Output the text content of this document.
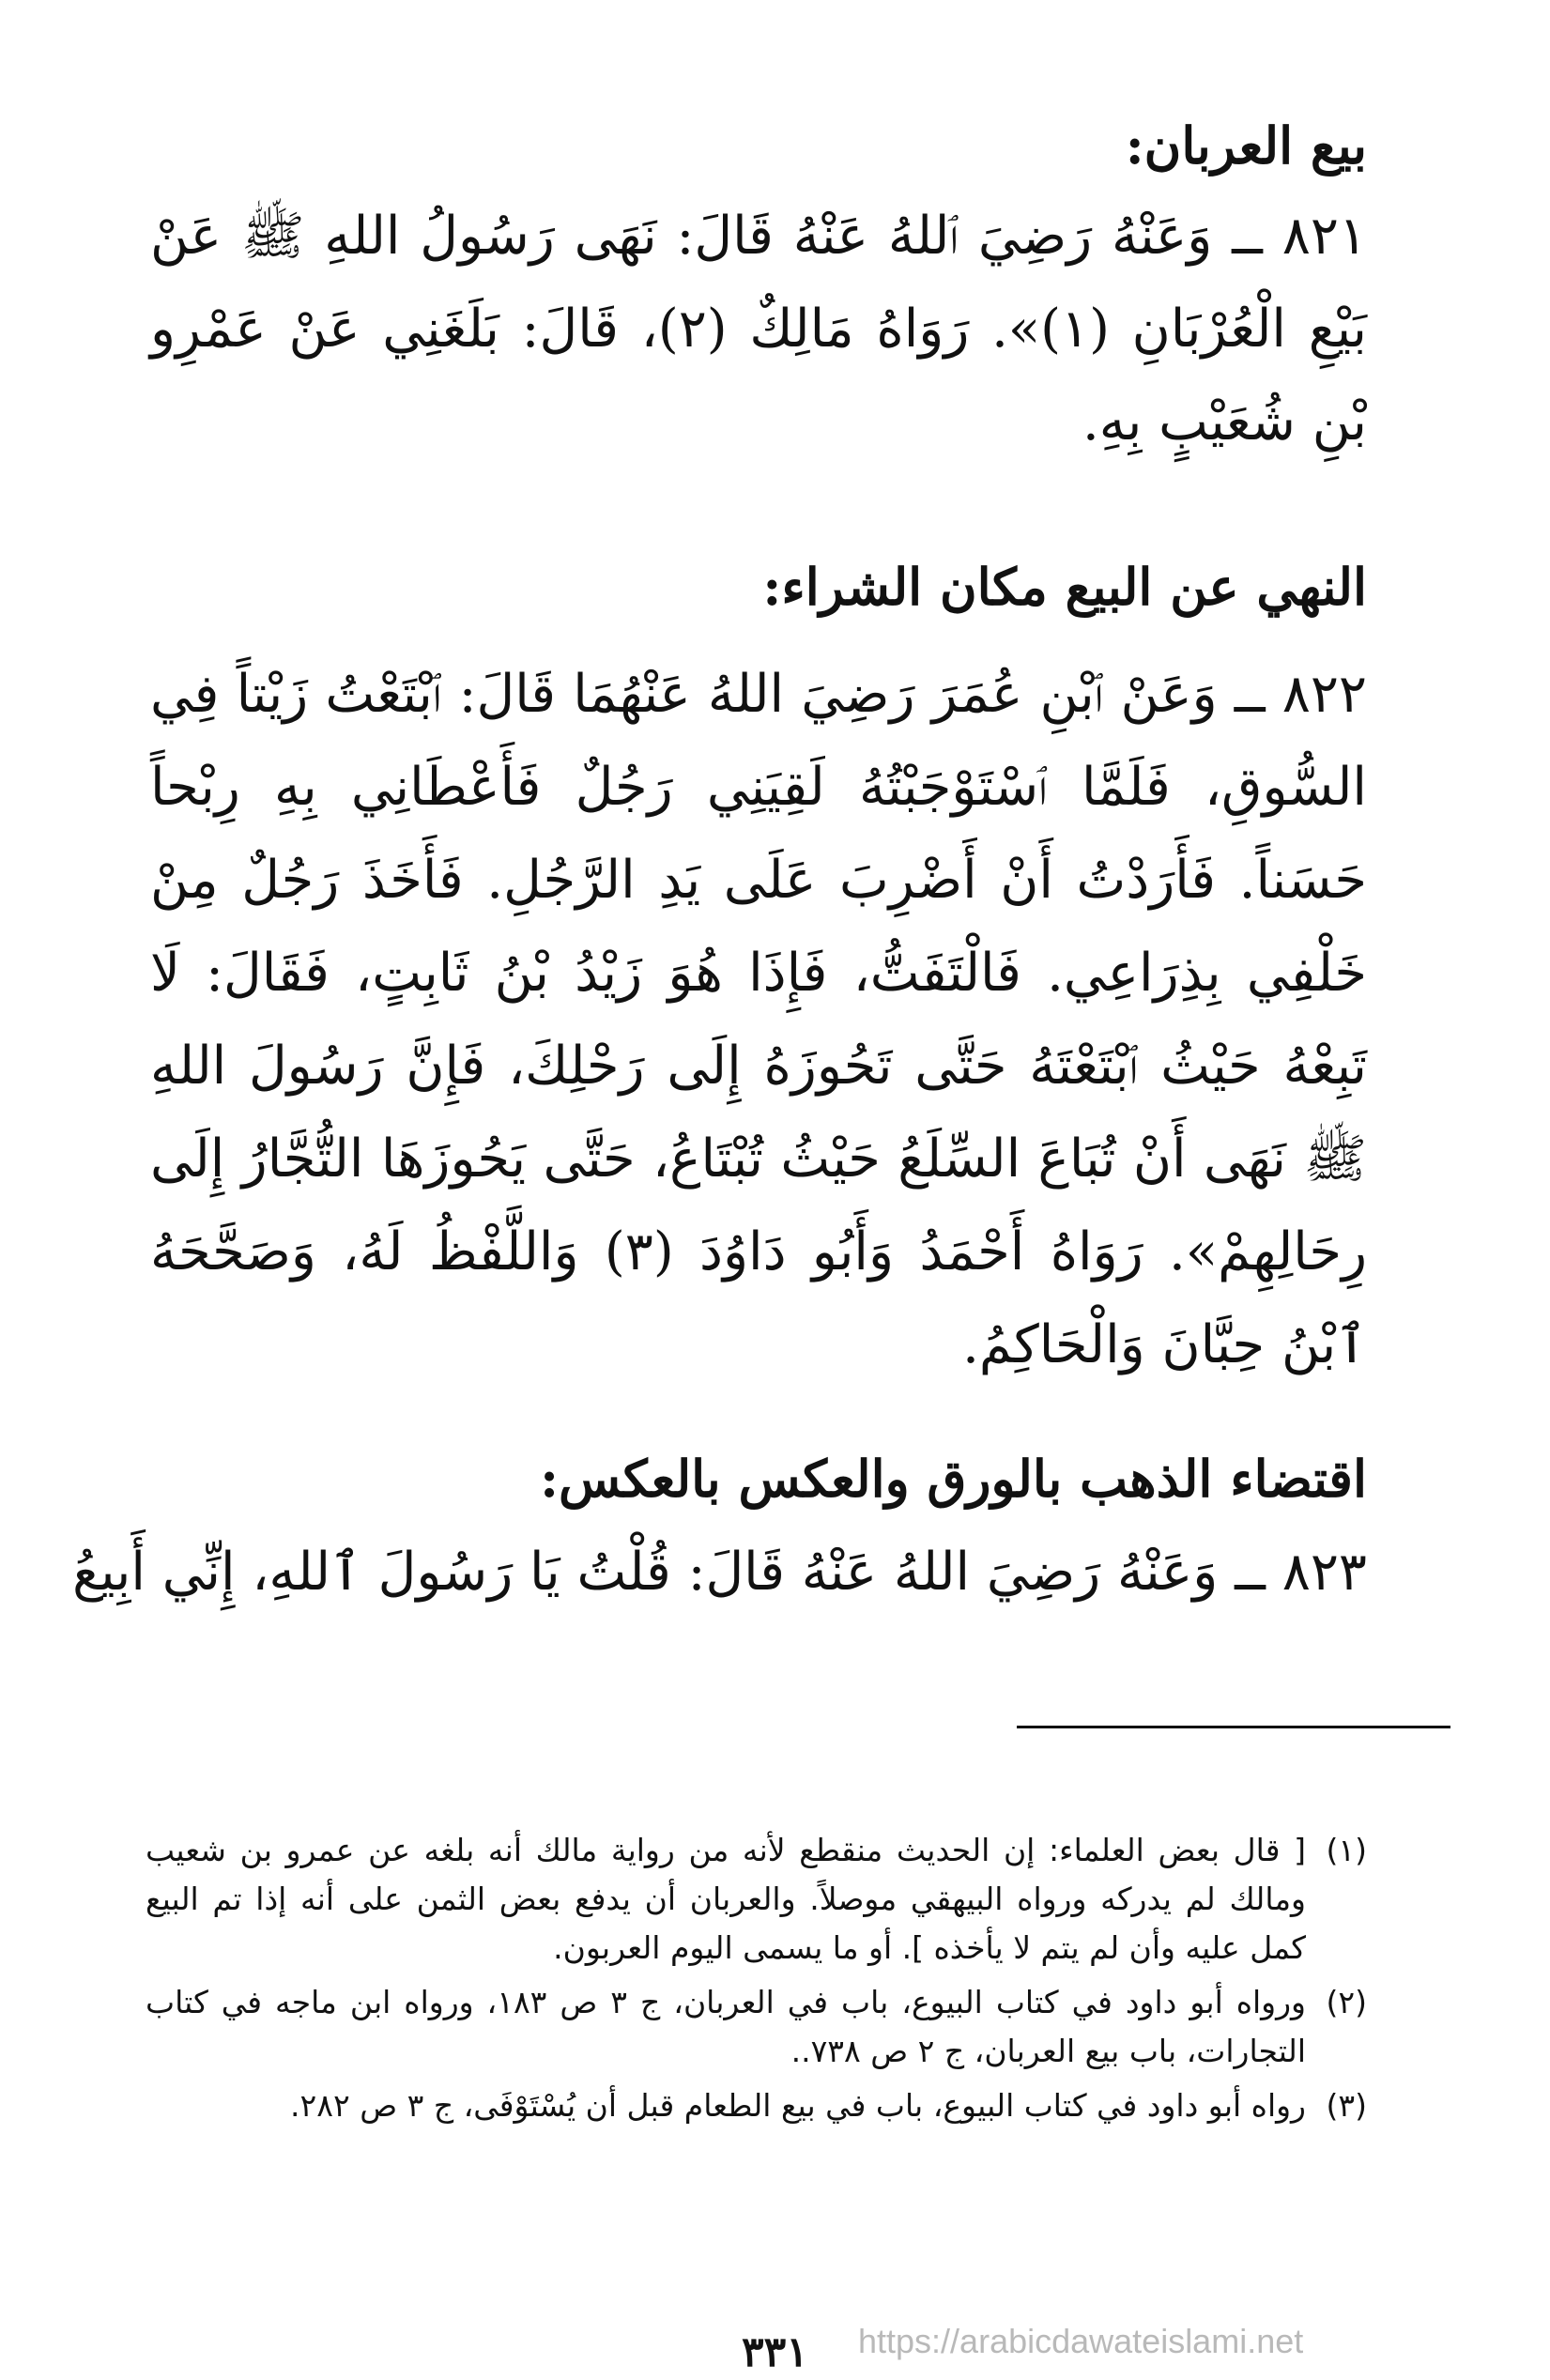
بيع العربان:

٨٢١ ــ وَعَنْهُ رَضِيَ ٱللهُ عَنْهُ قَالَ: نَهَى رَسُولُ اللهِ ﷺ عَنْ بَيْعِ الْعُرْبَانِ (١)». رَوَاهُ مَالِكٌ (٢)، قَالَ: بَلَغَنِي عَنْ عَمْرِو بْنِ شُعَيْبٍ بِهِ.

النهي عن البيع مكان الشراء:

٨٢٢ ــ وَعَنْ ٱبْنِ عُمَرَ رَضِيَ اللهُ عَنْهُمَا قَالَ: ٱبْتَعْتُ زَيْتاً فِي السُّوقِ، فَلَمَّا ٱسْتَوْجَبْتُهُ لَقِيَنِي رَجُلٌ فَأَعْطَانِي بِهِ رِبْحاً حَسَناً. فَأَرَدْتُ أَنْ أَضْرِبَ عَلَى يَدِ الرَّجُلِ. فَأَخَذَ رَجُلٌ مِنْ خَلْفِي بِذِرَاعِي. فَالْتَفَتُّ، فَإِذَا هُوَ زَيْدُ بْنُ ثَابِتٍ، فَقَالَ: لَا تَبِعْهُ حَيْثُ ٱبْتَعْتَهُ حَتَّى تَحُوزَهُ إِلَى رَحْلِكَ، فَإِنَّ رَسُولَ اللهِ ﷺ نَهَى أَنْ تُبَاعَ السِّلَعُ حَيْثُ تُبْتَاعُ، حَتَّى يَحُوزَهَا التُّجَّارُ إِلَى رِحَالِهِمْ». رَوَاهُ أَحْمَدُ وَأَبُو دَاوُدَ (٣) وَاللَّفْظُ لَهُ، وَصَحَّحَهُ ٱبْنُ حِبَّانَ وَالْحَاكِمُ.

اقتضاء الذهب بالورق والعكس بالعكس:

٨٢٣ ــ وَعَنْهُ رَضِيَ اللهُ عَنْهُ قَالَ: قُلْتُ يَا رَسُولَ ٱللهِ، إِنِّي أَبِيعُ

(١)
[ قال بعض العلماء: إن الحديث منقطع لأنه من رواية مالك أنه بلغه عن عمرو بن شعيب ومالك لم يدركه ورواه البيهقي موصلاً. والعربان أن يدفع بعض الثمن على أنه إذا تم البيع كمل عليه وأن لم يتم لا يأخذه ]. أو ما يسمى اليوم العربون.

(٢)
ورواه أبو داود في كتاب البيوع، باب في العربان، ج ٣ ص ١٨٣، ورواه ابن ماجه في كتاب التجارات، باب بيع العربان، ج ٢ ص ٧٣٨..

(٣)
رواه أبو داود في كتاب البيوع، باب في بيع الطعام قبل أن يُسْتَوْفَى، ج ٣ ص ٢٨٢.

٣٣١ https://arabicdawateislami.net
